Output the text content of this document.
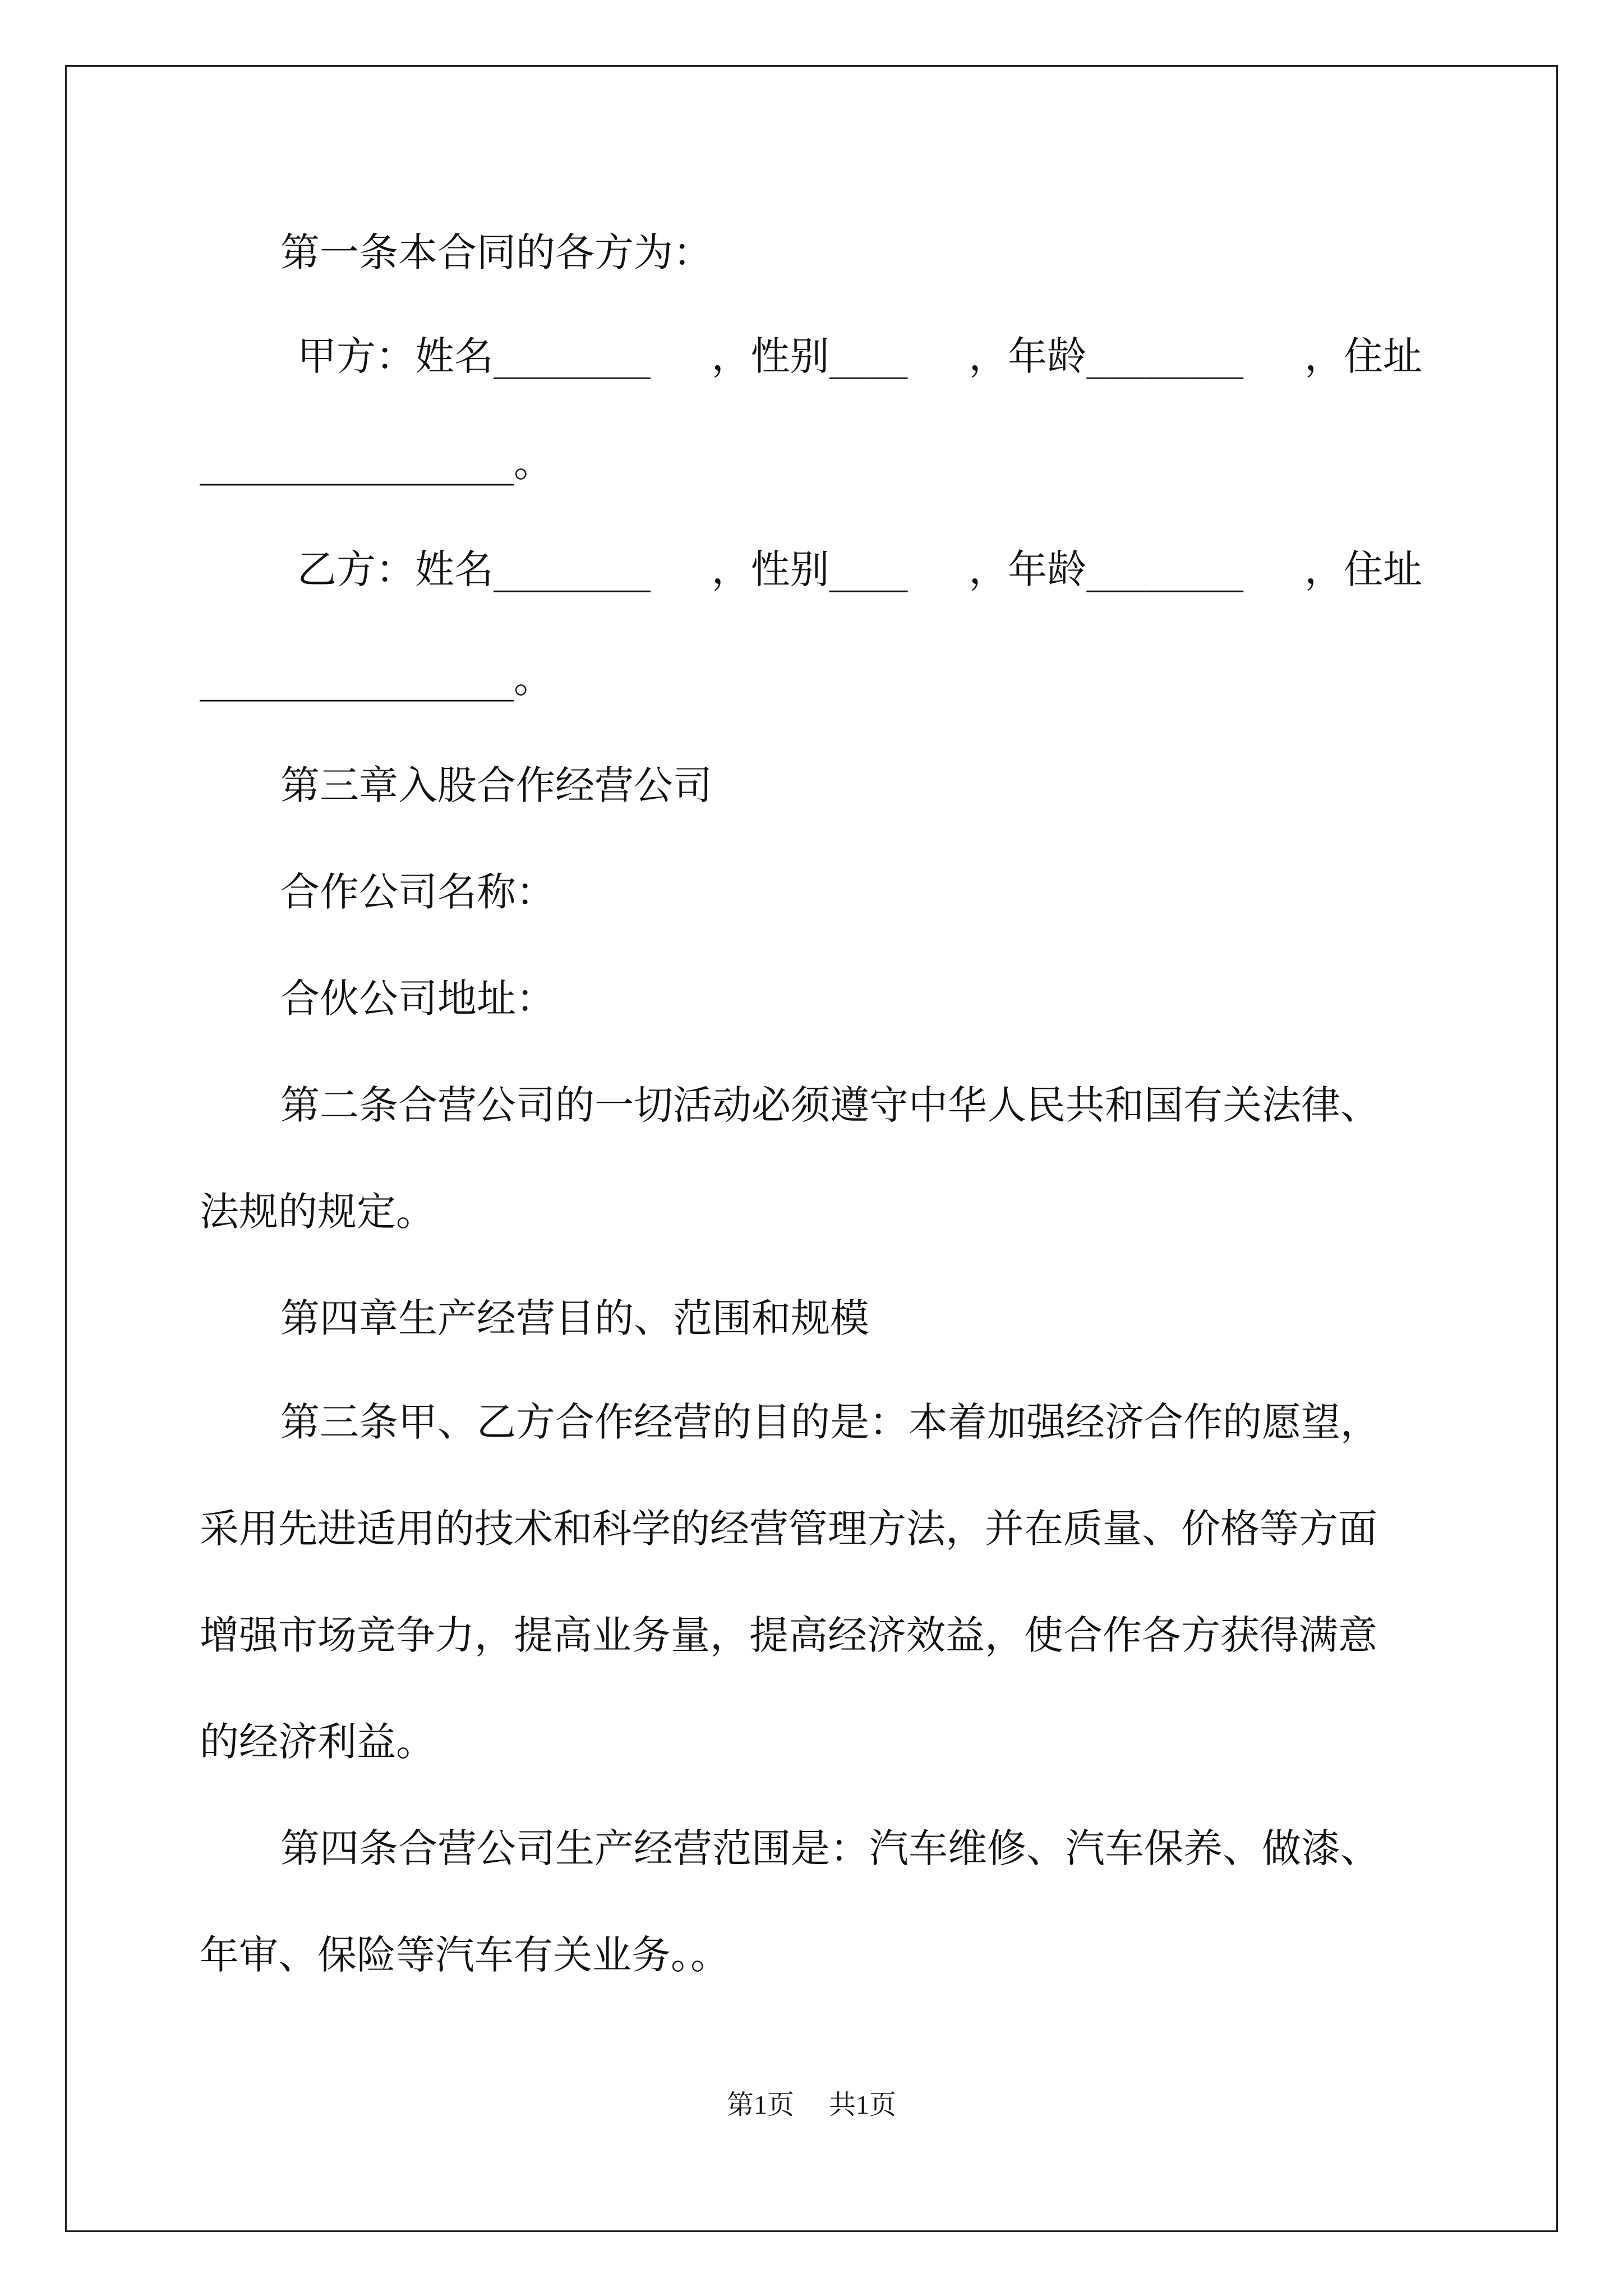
第一条本合同的各方为：
甲方：姓名________ ，性别____ ，年龄________ ，住址
________________。
乙方：姓名________ ，性别____ ，年龄________ ，住址
________________。
第三章入股合作经营公司
合作公司名称：
合伙公司地址：
第二条合营公司的一切活动必须遵守中华人民共和国有关法律、
法规的规定。
第四章生产经营目的、范围和规模
第三条甲、乙方合作经营的目的是：本着加强经济合作的愿望，
采用先进适用的技术和科学的经营管理方法，并在质量、价格等方面
增强市场竞争力，提高业务量，提高经济效益，使合作各方获得满意
的经济利益。
第四条合营公司生产经营范围是：汽车维修、汽车保养、做漆、
年审、保险等汽车有关业务。。
第1页 共1页
